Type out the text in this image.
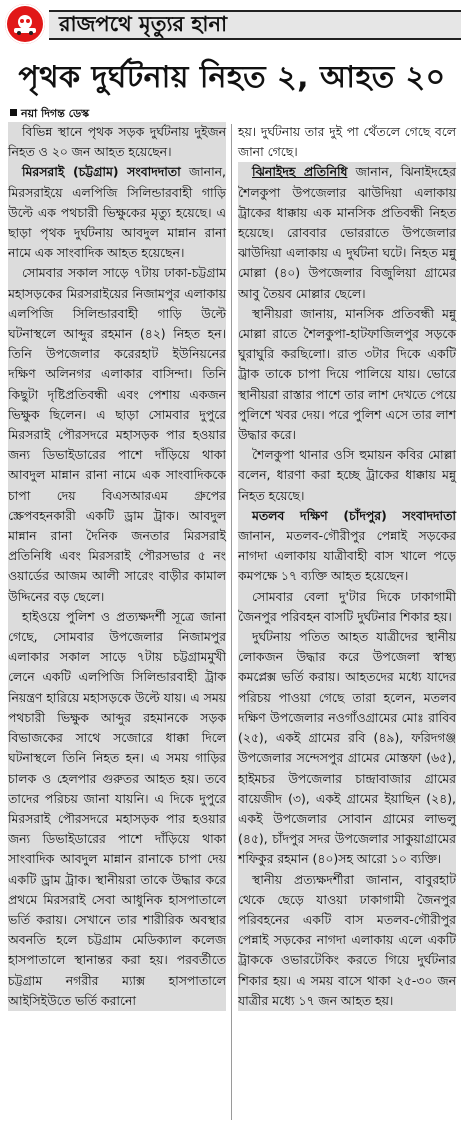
রাজপথে মৃত্যুর হানা
পৃথক দুর্ঘটনায় নিহত ২, আহত ২০
নয়া দিগন্ত ডেস্ক

বিভিন্ন স্থানে পৃথক সড়ক দুর্ঘটনায় দুইজন নিহত ও ২০ জন আহত হয়েছেন।

মিরসরাই (চট্টগ্রাম) সংবাদদাতা জানান, মিরসরাইয়ে এলপিজি সিলিন্ডারবাহী গাড়ি উল্টে এক পথচারী ভিক্ষুকের মৃত্যু হয়েছে। এ ছাড়া পৃথক দুর্ঘটনায় আবদুল মান্নান রানা নামে এক সাংবাদিক আহত হয়েছেন।

সোমবার সকাল সাড়ে ৭টায় ঢাকা-চট্টগ্রাম মহাসড়কের মিরসরাইয়ের নিজামপুর এলাকায় এলপিজি সিলিন্ডারবাহী গাড়ি উল্টে ঘটনাস্থলে আব্দুর রহমান (৪২) নিহত হন। তিনি উপজেলার করেরহাট ইউনিয়নের দক্ষিণ অলিনগর এলাকার বাসিন্দা। তিনি কিছুটা দৃষ্টিপ্রতিবন্ধী এবং পেশায় একজন ভিক্ষুক ছিলেন। এ ছাড়া সোমবার দুপুরে মিরসরাই পৌরসদরে মহাসড়ক পার হওয়ার জন্য ডিভাইডারের পাশে দাঁড়িয়ে থাকা আবদুল মান্নান রানা নামে এক সাংবাদিককে চাপা দেয় বিএসআরএম গ্রুপের স্ক্রেপবহনকারী একটি ড্রাম ট্রাক। আবদুল মান্নান রানা দৈনিক জনতার মিরসরাই প্রতিনিধি এবং মিরসরাই পৌরসভার ৫ নং ওয়ার্ডের আজম আলী সারেং বাড়ীর কামাল উদ্দিনের বড় ছেলে।

হাইওয়ে পুলিশ ও প্রত্যক্ষদর্শী সূত্রে জানা গেছে, সোমবার উপজেলার নিজামপুর এলাকার সকাল সাড়ে ৭টায় চট্টগ্রামমুখী লেনে একটি এলপিজি সিলিন্ডারবাহী ট্রাক নিয়ন্ত্রণ হারিয়ে মহাসড়কে উল্টে যায়। এ সময় পথচারী ভিক্ষুক আব্দুর রহমানকে সড়ক বিভাজকের সাথে সজোরে ধাক্কা দিলে ঘটনাস্থলে তিনি নিহত হন। এ সময় গাড়ির চালক ও হেলপার গুরুতর আহত হয়। তবে তাদের পরিচয় জানা যায়নি। এ দিকে দুপুরে মিরসরাই পৌরসদরে মহাসড়ক পার হওয়ার জন্য ডিভাইডারের পাশে দাঁড়িয়ে থাকা সাংবাদিক আবদুল মান্নান রানাকে চাপা দেয় একটি ড্রাম ট্রাক। স্থানীয়রা তাকে উদ্ধার করে প্রথমে মিরসরাই সেবা আধুনিক হাসপাতালে ভর্তি করায়। সেখানে তার শারীরিক অবস্থার অবনতি হলে চট্টগ্রাম মেডিক্যাল কলেজ হাসপাতালে স্থানান্তর করা হয়। পরবর্তীতে চট্টগ্রাম নগরীর ম্যাক্স হাসপাতালে আইসিইউতে ভর্তি করানো

হয়। দুর্ঘটনায় তার দুই পা থেঁতলে গেছে বলে জানা গেছে।

ঝিনাইদহ প্রতিনিধি জানান, ঝিনাইদহের শৈলকুপা উপজেলার ঝাউদিয়া এলাকায় ট্রাকের ধাক্কায় এক মানসিক প্রতিবন্ধী নিহত হয়েছে। রোববার ভোররাতে উপজেলার ঝাউদিয়া এলাকায় এ দুর্ঘটনা ঘটে। নিহত মন্নু মোল্লা (৪০) উপজেলার বিজুলিয়া গ্রামের আবু তৈয়ব মোল্লার ছেলে।

স্থানীয়রা জানায়, মানসিক প্রতিবন্ধী মন্নু মোল্লা রাতে শৈলকুপা-হাটফাজিলপুর সড়কে ঘুরাঘুরি করছিলো। রাত ৩টার দিকে একটি ট্রাক তাকে চাপা দিয়ে পালিয়ে যায়। ভোরে স্থানীয়রা রাস্তার পাশে তার লাশ দেখতে পেয়ে পুলিশে খবর দেয়। পরে পুলিশ এসে তার লাশ উদ্ধার করে।

শৈলকুপা থানার ওসি হুমায়ন কবির মোল্লা বলেন, ধারণা করা হচ্ছে ট্রাকের ধাক্কায় মন্নু নিহত হয়েছে।

মতলব দক্ষিণ (চাঁদপুর) সংবাদদাতা জানান, মতলব-গৌরীপুর পেন্নাই সড়কের নাগদা এলাকায় যাত্রীবাহী বাস খালে পড়ে কমপক্ষে ১৭ ব্যক্তি আহত হয়েছেন।

সোমবার বেলা দু'টার দিকে ঢাকাগামী জৈনপুর পরিবহন বাসটি দুর্ঘটনার শিকার হয়।

দুর্ঘটনায় পতিত আহত যাত্রীদের স্থানীয় লোকজন উদ্ধার করে উপজেলা স্বাস্থ্য কমপ্লেক্স ভর্তি করায়। আহতদের মধ্যে যাদের পরিচয় পাওয়া গেছে তারা হলেন, মতলব দক্ষিণ উপজেলার নওগাঁওগ্রামের মোঃ রাবিব (২৫), একই গ্রামের রবি (৪৯), ফরিদগঞ্জ উপজেলার সন্দেসপুর গ্রামের মোস্তফা (৬৫), হাইমচর উপজেলার চান্দ্রাবাজার গ্রামের বায়েজীদ (৩), একই গ্রামের ইয়াছিন (২৪), একই উপজেলার সোবান গ্রামের লাভলু (৪৫), চাঁদপুর সদর উপজেলার সাকুয়াগ্রামের শফিকুর রহমান (৪০)সহ আরো ১০ ব্যক্তি।

স্থানীয় প্রত্যক্ষদর্শীরা জানান, বাবুরহাট থেকে ছেড়ে যাওয়া ঢাকাগামী জৈনপুর পরিবহনের একটি বাস মতলব-গৌরীপুর পেন্নাই সড়কের নাগদা এলাকায় এলে একটি ট্রাককে ওভারটেকিং করতে গিয়ে দুর্ঘটনার শিকার হয়। এ সময় বাসে থাকা ২৫-৩০ জন যাত্রীর মধ্যে ১৭ জন আহত হয়।
